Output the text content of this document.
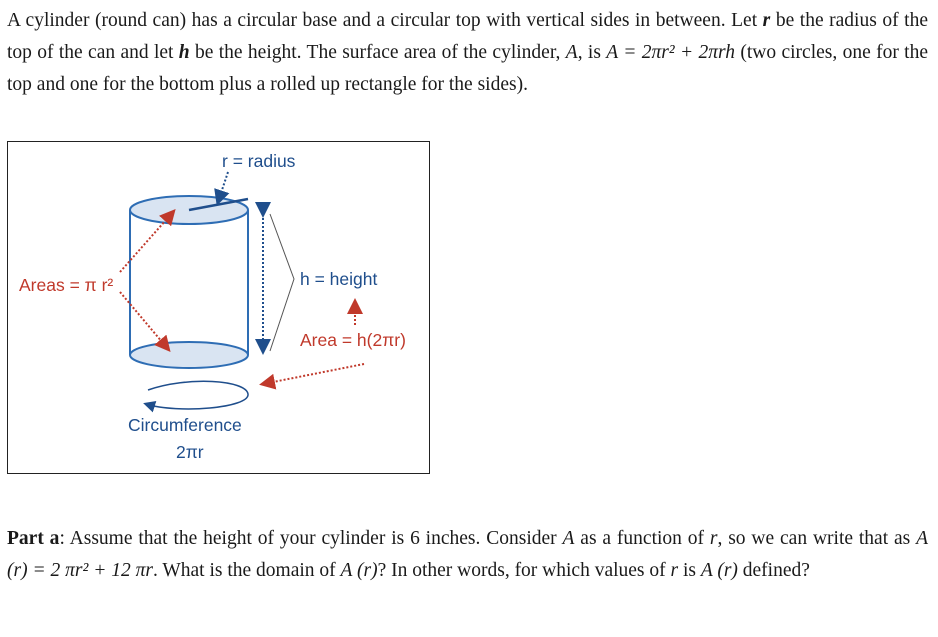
A cylinder (round can) has a circular base and a circular top with vertical sides in between. Let r be the radius of the top of the can and let h be the height. The surface area of the cylinder, A, is A = 2πr² + 2πrh (two circles, one for the top and one for the bottom plus a rolled up rectangle for the sides).
r = radius
h = height
Areas = π r²
Area = h(2πr)
Circumference
2πr
Part a: Assume that the height of your cylinder is 6 inches. Consider A as a function of r, so we can write that as A (r) = 2 πr² + 12 πr. What is the domain of A (r)? In other words, for which values of r is A (r) defined?
